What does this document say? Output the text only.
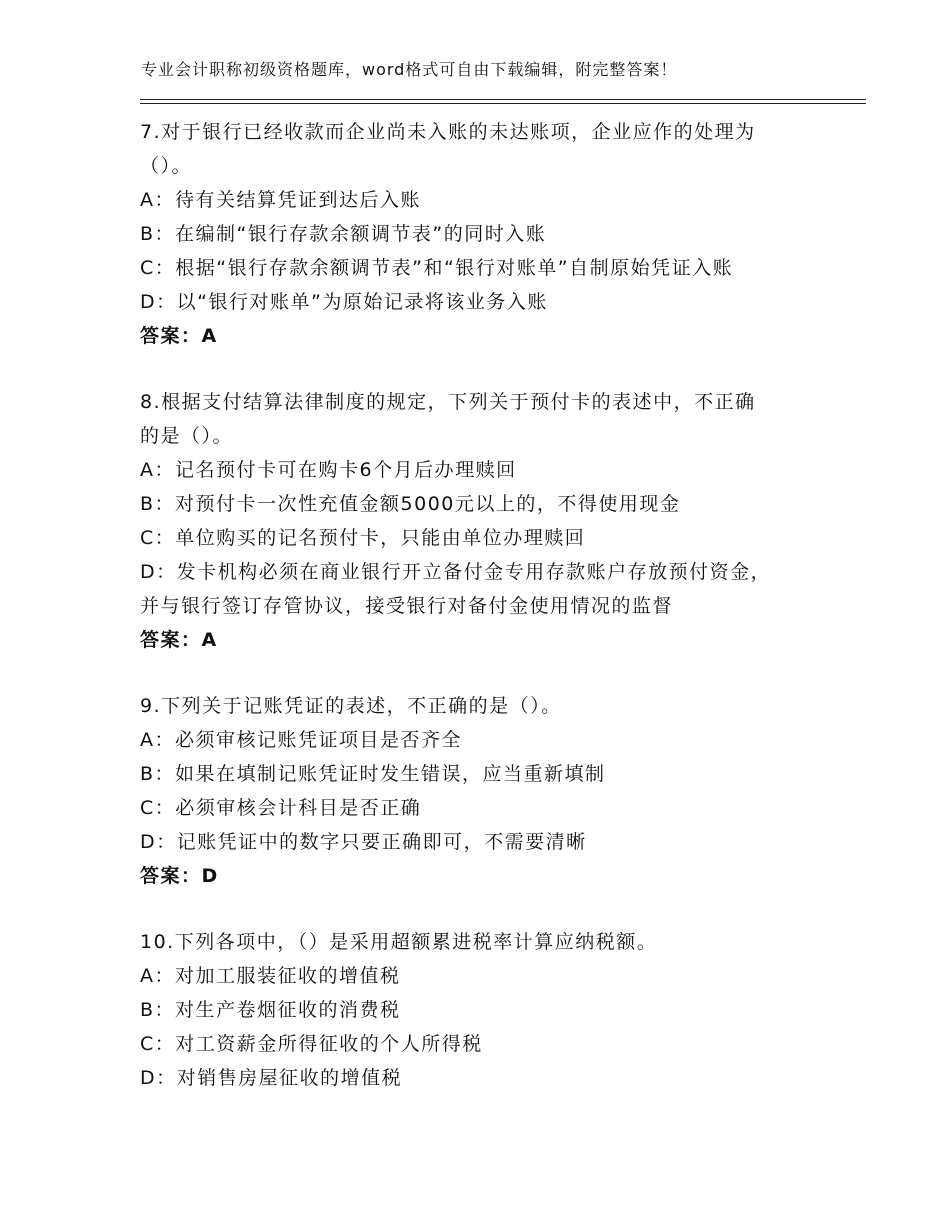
专业会计职称初级资格题库，word格式可自由下载编辑，附完整答案！
7.对于银行已经收款而企业尚未入账的未达账项，企业应作的处理为
（）。
A：待有关结算凭证到达后入账
B：在编制“银行存款余额调节表”的同时入账
C：根据“银行存款余额调节表”和“银行对账单”自制原始凭证入账
D：以“银行对账单”为原始记录将该业务入账
答案：A
8.根据支付结算法律制度的规定，下列关于预付卡的表述中，不正确
的是（）。
A：记名预付卡可在购卡6个月后办理赎回
B：对预付卡一次性充值金额5000元以上的，不得使用现金
C：单位购买的记名预付卡，只能由单位办理赎回
D：发卡机构必须在商业银行开立备付金专用存款账户存放预付资金，
并与银行签订存管协议，接受银行对备付金使用情况的监督
答案：A
9.下列关于记账凭证的表述，不正确的是（）。
A：必须审核记账凭证项目是否齐全
B：如果在填制记账凭证时发生错误，应当重新填制
C：必须审核会计科目是否正确
D：记账凭证中的数字只要正确即可，不需要清晰
答案：D
10.下列各项中，（）是采用超额累进税率计算应纳税额。
A：对加工服装征收的增值税
B：对生产卷烟征收的消费税
C：对工资薪金所得征收的个人所得税
D：对销售房屋征收的增值税
